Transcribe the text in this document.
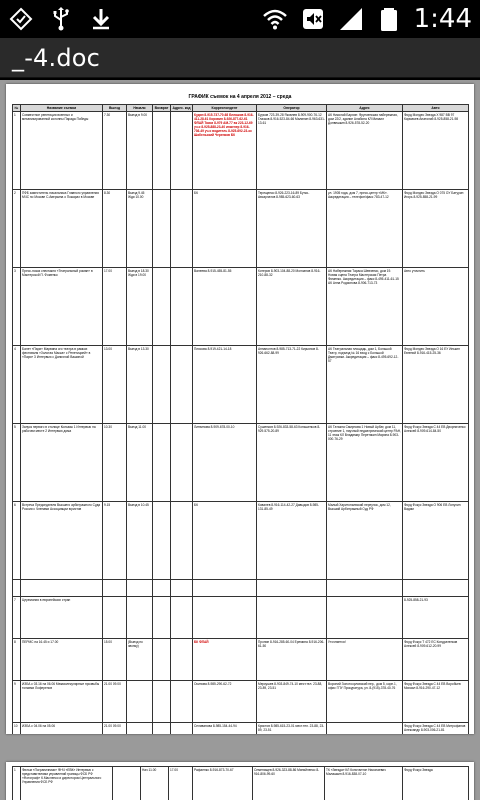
1:44
_-4.doc
ГРАФИК съемок на 4 апреля 2012 – среда
№	Название съемки	Выезд	Начало	Возврат	Адрес. код	Корреспондент	Оператор	Адрес	Авто
1	Совместное репетиция военных и механизированной колонны Парада Победы	7.30	Выезд в 9.00			Кудин 8-915-737-70-68 Белашов 8-916-411-28-61 Коровин 8-926-877-62-61 ФЛАЙ Такси 8-979 АМ-77 вк 223-12-69 уч.о 8-925-888-23-40 инженер 8-916-736-49 уч.о водитель 8-925-692-23-ос Шабельский Черенков БК	Бурков 723-39-28 Яковлев 8-909-900-76-12 Глазков 8-916-523-84-66 Малинин 8-963-631-13-61	АК Николай Бархин: Фрунзенская набережная, дом 22/2, здание Алабина КЛ Михаил Донвешкин 8-926-578-52-20	Форд Мондео Звезда X 987 ВВ 97 Кормачев Анатолий 8-925-858-21-98
2	ПФБ заместитель начальника Главного управления МЧС по Москве С.Аверкина о Пожарах в Москве	8.30	Выезд 9.45 Жди 10.00			БК	Терещенко 8-926-223-16-89 Бутко-Авсарлатов 8-985-623-60-63	ул. 1905 года, дом 7, пресс-центр «МК». Аккредитация – телефон/факс 783-47-12	Форд Мондео Звезда О 075 ОУ Батурин Игорь 8-925-858-21-99
3	Пресс-показ спектакля «Театральный роман» в Мастерской П. Фоменко	17.00	Выезд в 18.30 Жди в 19.00			Валеева 8-915-455-81-55	Котеров 8-903-104-88-20 Молчанов 8-916-210-88-32	АК Набережная Тараса Шевченко, дом 19. Новая сцена Театра Мастерская Петра Фоменко. Аккредитация – факс 8-495-411-61-15 АК Анна Родионова 8-906-713-73	Авто уточнить
4	Балет «Пари» Марвина ого театра в рамках фестиваля «Золотая Маска» с Репетицией» в «Пари» 3 Интервью с Даниэлой Вашиной	13.00	Выезд в 13.30			Плясова 8-919-421-14-18	Аннаполтов 8-985-713-71-22 Кирьянов 8-926-662-88-99	АК Театральная площадь, дом 1, Большой Театр, подъезд № 16 вход с Большой Дмитровки. Аккредитация – факс 8-495-692-12-57	Форд Мондео Звезда О 16 ЕУ Инькин Евгений 8-916-415-25-36
5	Запуск первого в столице Колымы 1 Интервью на рабочем месте 2 Интервью дома	10.30	Выезд 11.00			Литвинова 8-909-678-00-10	Сушенков 8-926-833-58-63 Коньшенков 8-929-575-20-89	АК Татьяна Смирнова 1 Новый Арбат, дом 11, строение 1, научный педиатрический центр РАН, 11 этаж КЛ Владимир Перетякин Марина 8-903-000-76-29	Форд Фокус Звезда С 44 ЕВ Дворниченко Алексей 8-909-614-84-50
6	Встреча Председателя Высшего арбитражного Суда России с Членами Ассоциации юристов	9.15	Выезд в 10.45			БК	Ковалев 8-916-114-42-27 Давыдов 8-985-131-85-49	Малый Харитоньевский переулок, дом 12, Высший Арбитражный Суд РФ	Форд Фокус Звезда О 906 ЕВ Лопухин Вадим

7	Церемония в европейских стран								8-925-858-21-93
8	ПЕРМС на 16.45 и 17.00	15.00	(Выезд по звонку)			БК ФЛАЙ	Пронин 8-916-285-60-04 Еремина 8-916-206-61-50	Уточняется!	Форд Фокус Т 472 ЕС Кондратенков Алексей 8-909-612-20-99
9	ИЗБА с 03.16 на 06.06 Межмолекулярные прозвьбы тонкими Лоференов	21.00 09.00				Осипова 8-985-290-62-72	Меркушев 8-903-849-74-10 мест.тел. 23-88, 23-89, 23-51	Вороний Золотоорловский пер., дом 5, корп.1, офис ГПУ Прокуратура, ул. 8-(915)-378-40-76	Форд Фокус Звезда С 44 ЕВ Воробьев Михаил 8-916-290-47-12
10	ИЗБА с 04.06 на 05.06	21.00 09.00				Селиванова 8-985-154-44-94	Кристов 8-985-615-23-01 мест.тел. 23-88, 23-89, 23-51		Форд Фокус Звезда С 44 ЕВ Митрофанов Александр 8-903-006-21-81

1	Фильм «Пограничники» ФНЧ «ЕВК» Интервью с представителями управлений границы ФСБ РФ «Фотограф» К.Масленко и директором Центрального Управления ФСБ РФ		Нач 11.00	17.00	Рафаенко 8-916-873-70-67	Семенищев 8-926-323-88-86 Миняйленко 8-916-806-99-60	ТК «Звезда» КЛ Константин Николаевич Малашкин 8-916-838-07-10	Форд Фокус Звезда
